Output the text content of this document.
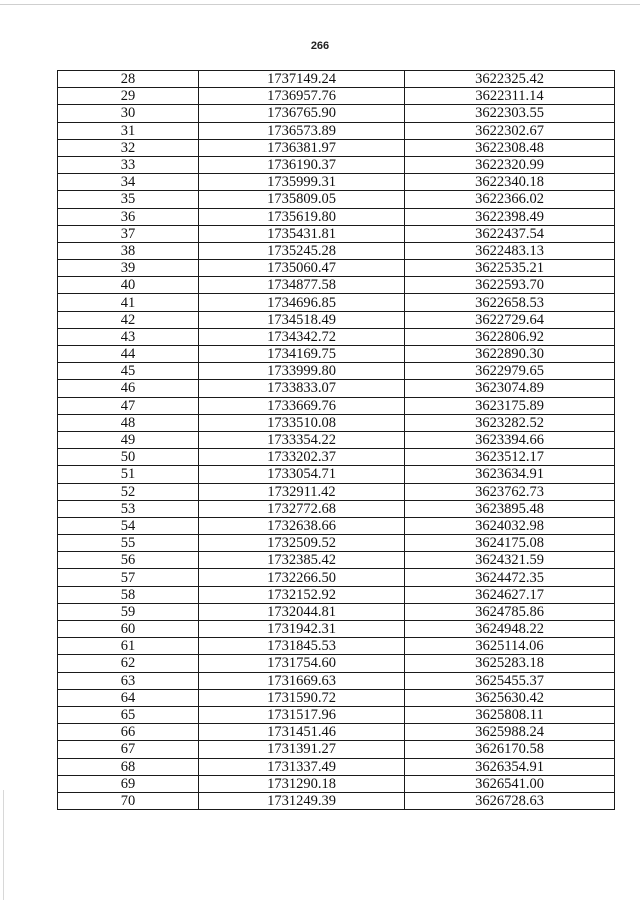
266
28	1737149.24	3622325.42
29	1736957.76	3622311.14
30	1736765.90	3622303.55
31	1736573.89	3622302.67
32	1736381.97	3622308.48
33	1736190.37	3622320.99
34	1735999.31	3622340.18
35	1735809.05	3622366.02
36	1735619.80	3622398.49
37	1735431.81	3622437.54
38	1735245.28	3622483.13
39	1735060.47	3622535.21
40	1734877.58	3622593.70
41	1734696.85	3622658.53
42	1734518.49	3622729.64
43	1734342.72	3622806.92
44	1734169.75	3622890.30
45	1733999.80	3622979.65
46	1733833.07	3623074.89
47	1733669.76	3623175.89
48	1733510.08	3623282.52
49	1733354.22	3623394.66
50	1733202.37	3623512.17
51	1733054.71	3623634.91
52	1732911.42	3623762.73
53	1732772.68	3623895.48
54	1732638.66	3624032.98
55	1732509.52	3624175.08
56	1732385.42	3624321.59
57	1732266.50	3624472.35
58	1732152.92	3624627.17
59	1732044.81	3624785.86
60	1731942.31	3624948.22
61	1731845.53	3625114.06
62	1731754.60	3625283.18
63	1731669.63	3625455.37
64	1731590.72	3625630.42
65	1731517.96	3625808.11
66	1731451.46	3625988.24
67	1731391.27	3626170.58
68	1731337.49	3626354.91
69	1731290.18	3626541.00
70	1731249.39	3626728.63
